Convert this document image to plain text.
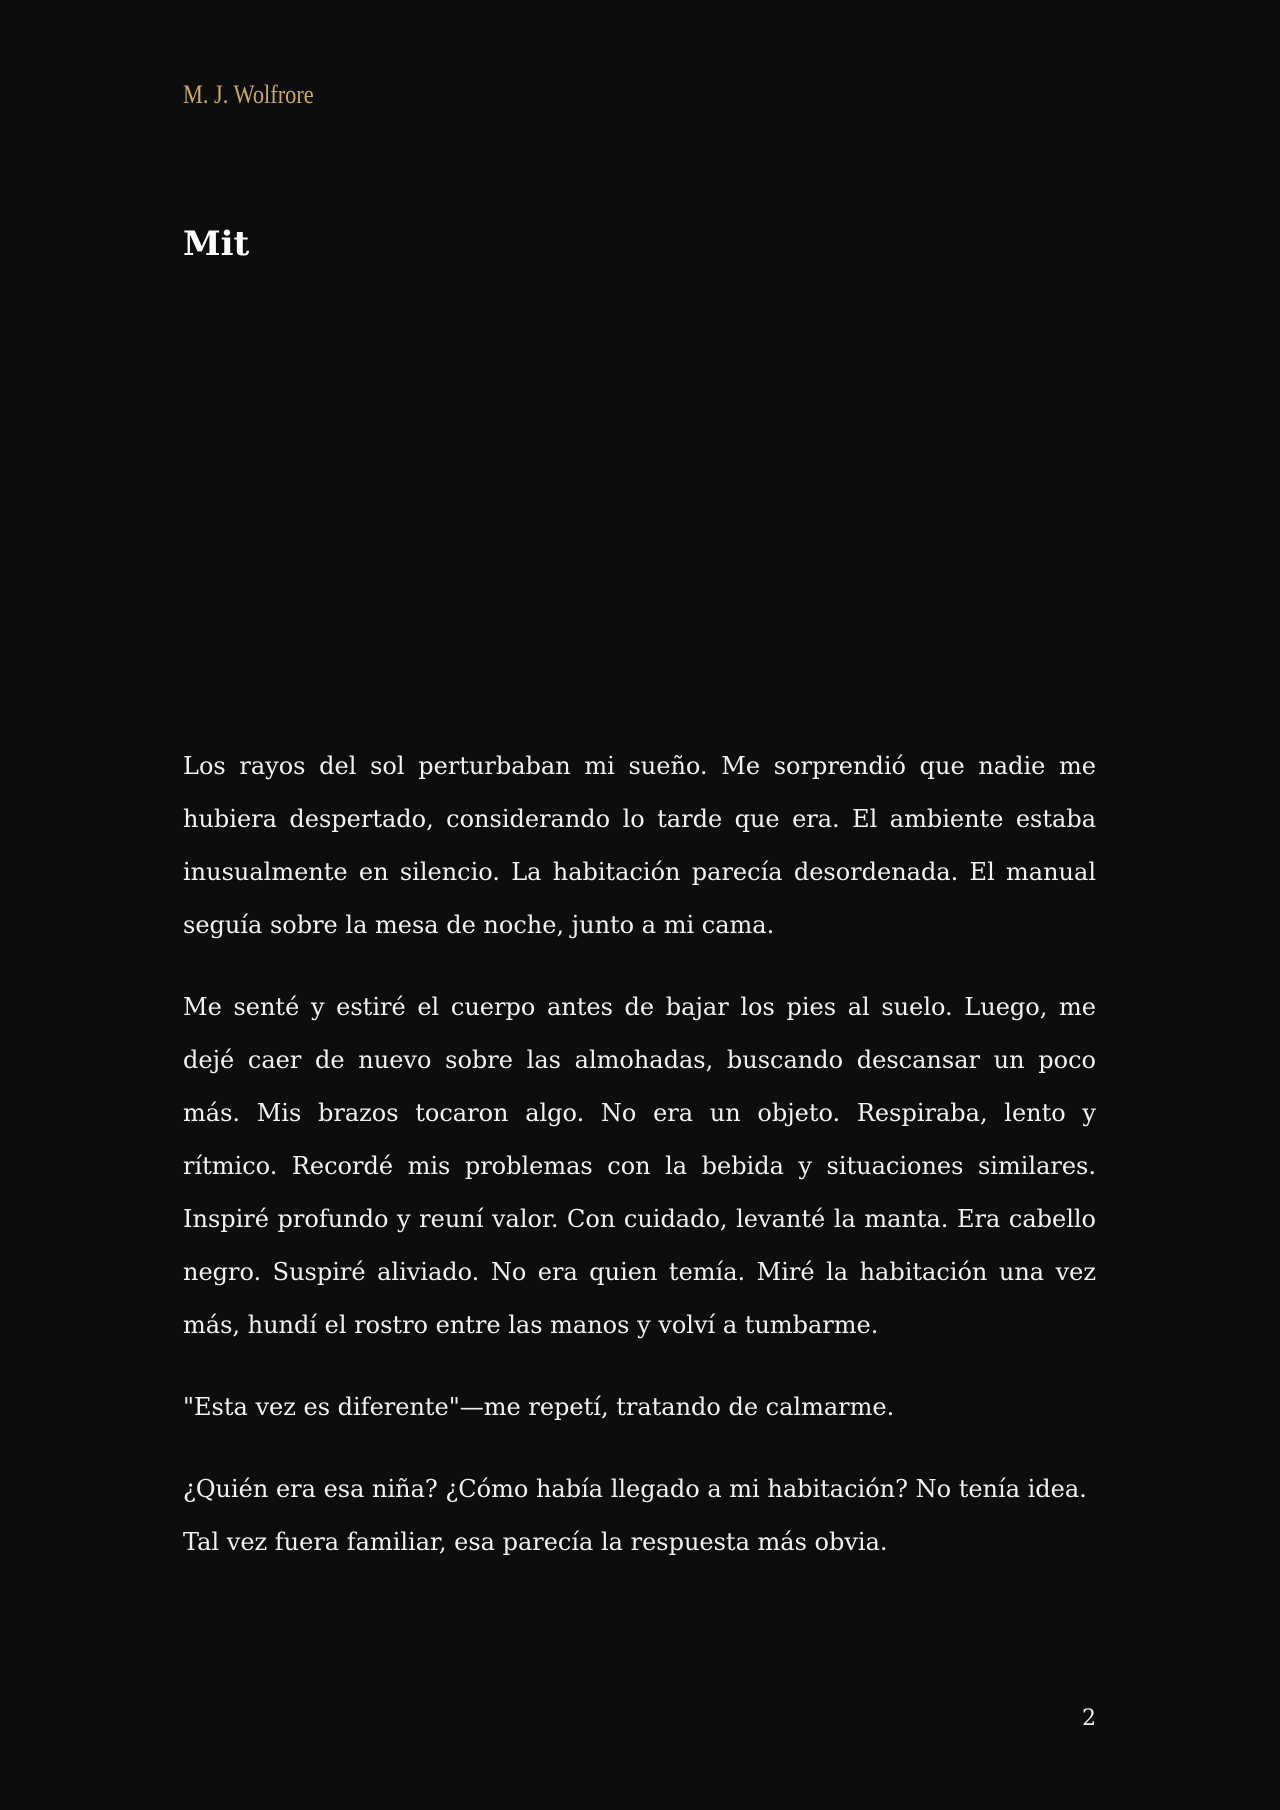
M. J. Wolfrore
Mit

Los rayos del sol perturbaban mi sueño. Me sorprendió que nadie me hubiera despertado, considerando lo tarde que era. El ambiente estaba inusualmente en silencio. La habitación parecía desordenada. El manual seguía sobre la mesa de noche, junto a mi cama.

Me senté y estiré el cuerpo antes de bajar los pies al suelo. Luego, me dejé caer de nuevo sobre las almohadas, buscando descansar un poco más. Mis brazos tocaron algo. No era un objeto. Respiraba, lento y rítmico. Recordé mis problemas con la bebida y situaciones similares. Inspiré profundo y reuní valor. Con cuidado, levanté la manta. Era cabello negro. Suspiré aliviado. No era quien temía. Miré la habitación una vez más, hundí el rostro entre las manos y volví a tumbarme.

"Esta vez es diferente"—me repetí, tratando de calmarme.

¿Quién era esa niña? ¿Cómo había llegado a mi habitación? No tenía idea. Tal vez fuera familiar, esa parecía la respuesta más obvia.

2
